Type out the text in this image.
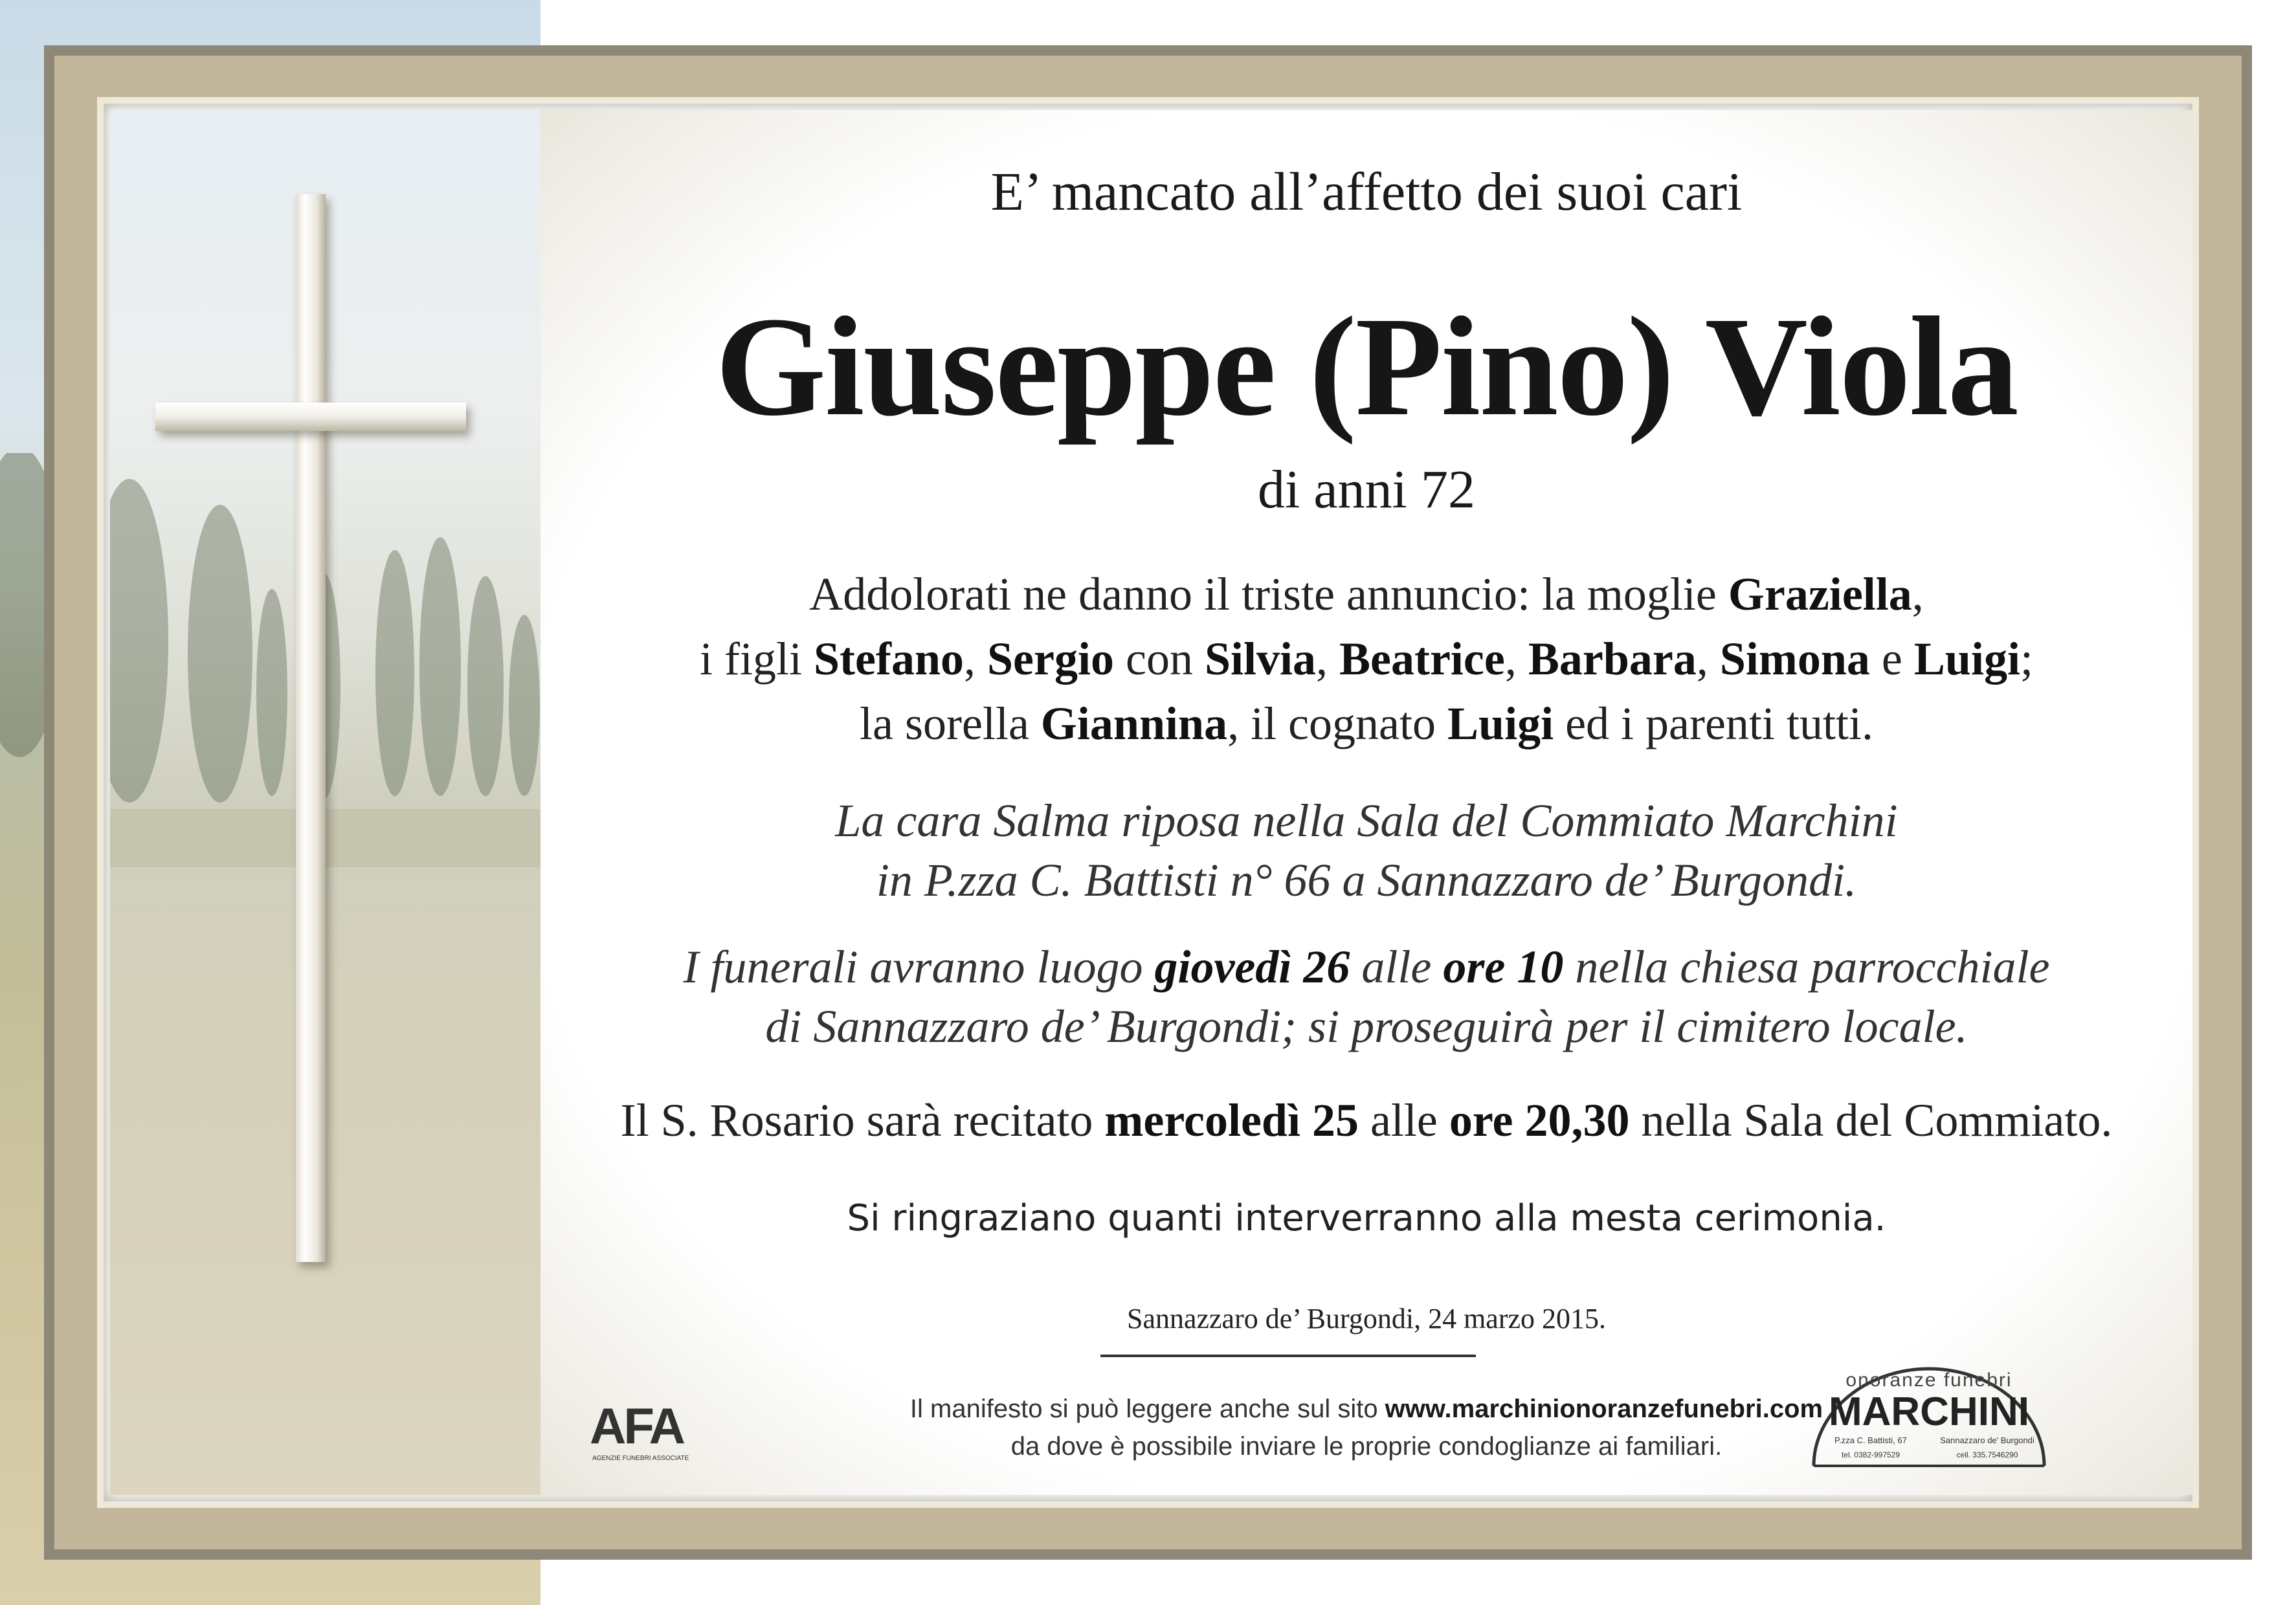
E’ mancato all’affetto dei suoi cari
Giuseppe (Pino) Viola
di anni 72
Addolorati ne danno il triste annuncio: la moglie Graziella,
i figli Stefano, Sergio con Silvia, Beatrice, Barbara, Simona e Luigi;
la sorella Giannina, il cognato Luigi ed i parenti tutti.
La cara Salma riposa nella Sala del Commiato Marchini
in P.zza C. Battisti n° 66 a Sannazzaro de’ Burgondi.
I funerali avranno luogo giovedì 26 alle ore 10 nella chiesa parrocchiale
di Sannazzaro de’ Burgondi; si proseguirà per il cimitero locale.
Il S. Rosario sarà recitato mercoledì 25 alle ore 20,30 nella Sala del Commiato.
Si ringraziano quanti interverranno alla mesta cerimonia.
Sannazzaro de’ Burgondi, 24 marzo 2015.
Il manifesto si può leggere anche sul sito www.marchinionoranzefunebri.com
da dove è possibile inviare le proprie condoglianze ai familiari.
AFA
AGENZIE FUNEBRI ASSOCIATE
onoranze funebri
MARCHINI
P.zza C. Battisti, 67	Sannazzaro de' Burgondi
tel. 0382-997529	cell. 335.7546290
